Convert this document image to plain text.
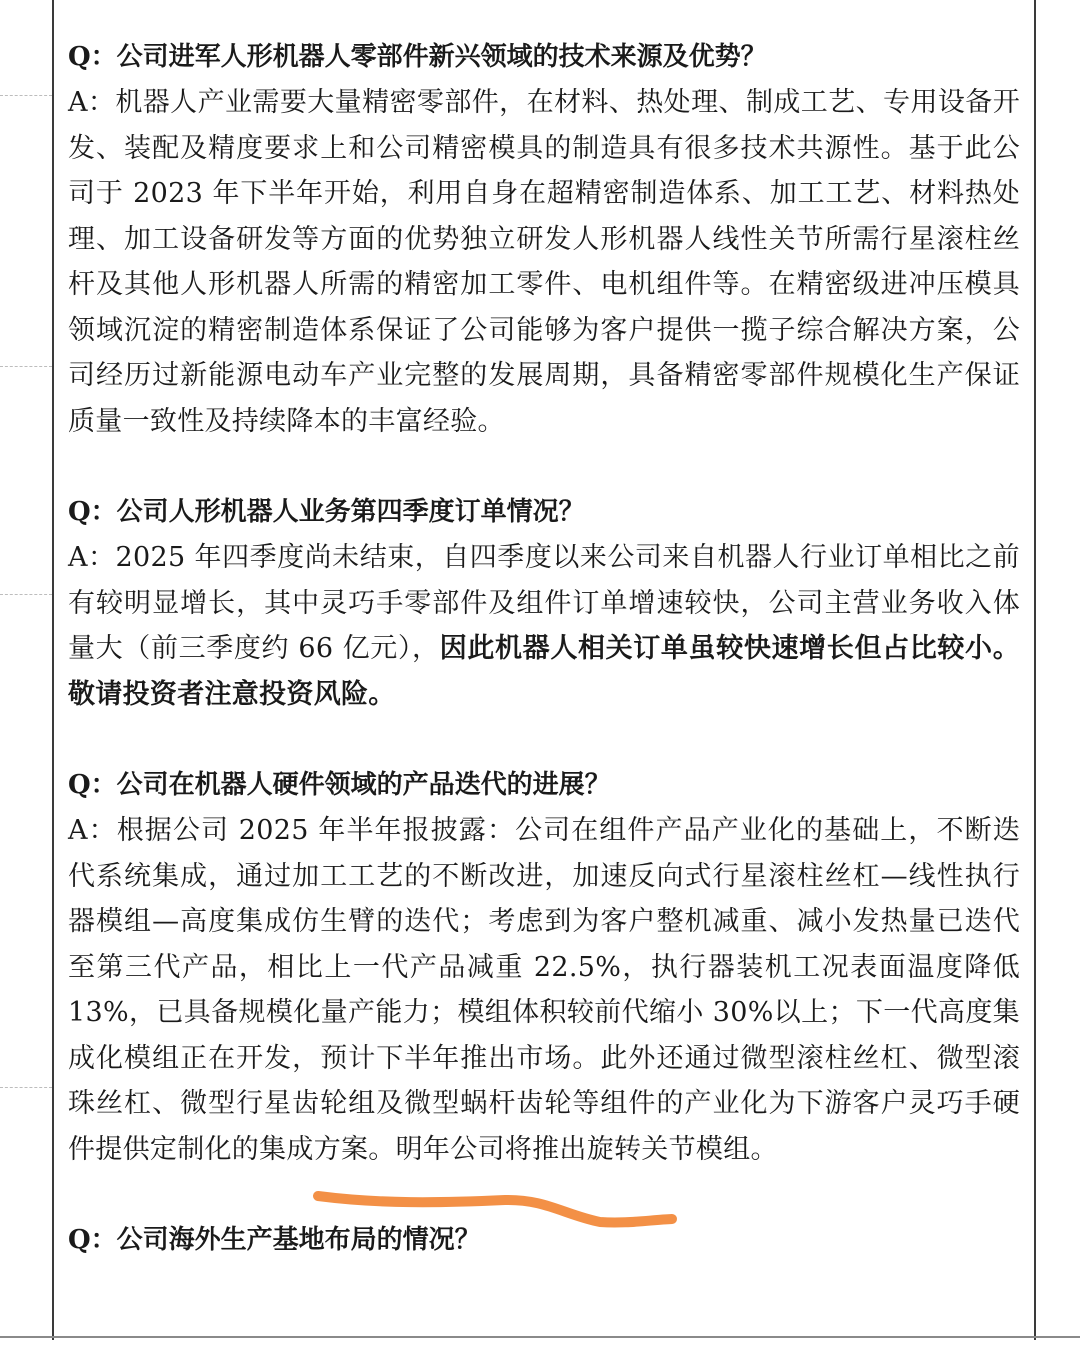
Q：公司进军人形机器人零部件新兴领域的技术来源及优势？

A：机器人产业需要大量精密零部件，在材料、热处理、制成工艺、专用设备开发、装配及精度要求上和公司精密模具的制造具有很多技术共源性。基于此公司于 2023 年下半年开始，利用自身在超精密制造体系、加工工艺、材料热处理、加工设备研发等方面的优势独立研发人形机器人线性关节所需行星滚柱丝杆及其他人形机器人所需的精密加工零件、电机组件等。在精密级进冲压模具领域沉淀的精密制造体系保证了公司能够为客户提供一揽子综合解决方案，公司经历过新能源电动车产业完整的发展周期，具备精密零部件规模化生产保证质量一致性及持续降本的丰富经验。

Q：公司人形机器人业务第四季度订单情况？

A：2025 年四季度尚未结束，自四季度以来公司来自机器人行业订单相比之前有较明显增长，其中灵巧手零部件及组件订单增速较快，公司主营业务收入体量大（前三季度约 66 亿元），因此机器人相关订单虽较快速增长但占比较小。敬请投资者注意投资风险。

Q：公司在机器人硬件领域的产品迭代的进展？

A：根据公司 2025 年半年报披露：公司在组件产品产业化的基础上，不断迭代系统集成，通过加工工艺的不断改进，加速反向式行星滚柱丝杠—线性执行器模组—高度集成仿生臂的迭代；考虑到为客户整机减重、减小发热量已迭代至第三代产品，相比上一代产品减重 22.5%，执行器装机工况表面温度降低 13%，已具备规模化量产能力；模组体积较前代缩小 30%以上；下一代高度集成化模组正在开发，预计下半年推出市场。此外还通过微型滚柱丝杠、微型滚珠丝杠、微型行星齿轮组及微型蜗杆齿轮等组件的产业化为下游客户灵巧手硬件提供定制化的集成方案。明年公司将推出旋转关节模组。

Q：公司海外生产基地布局的情况？
